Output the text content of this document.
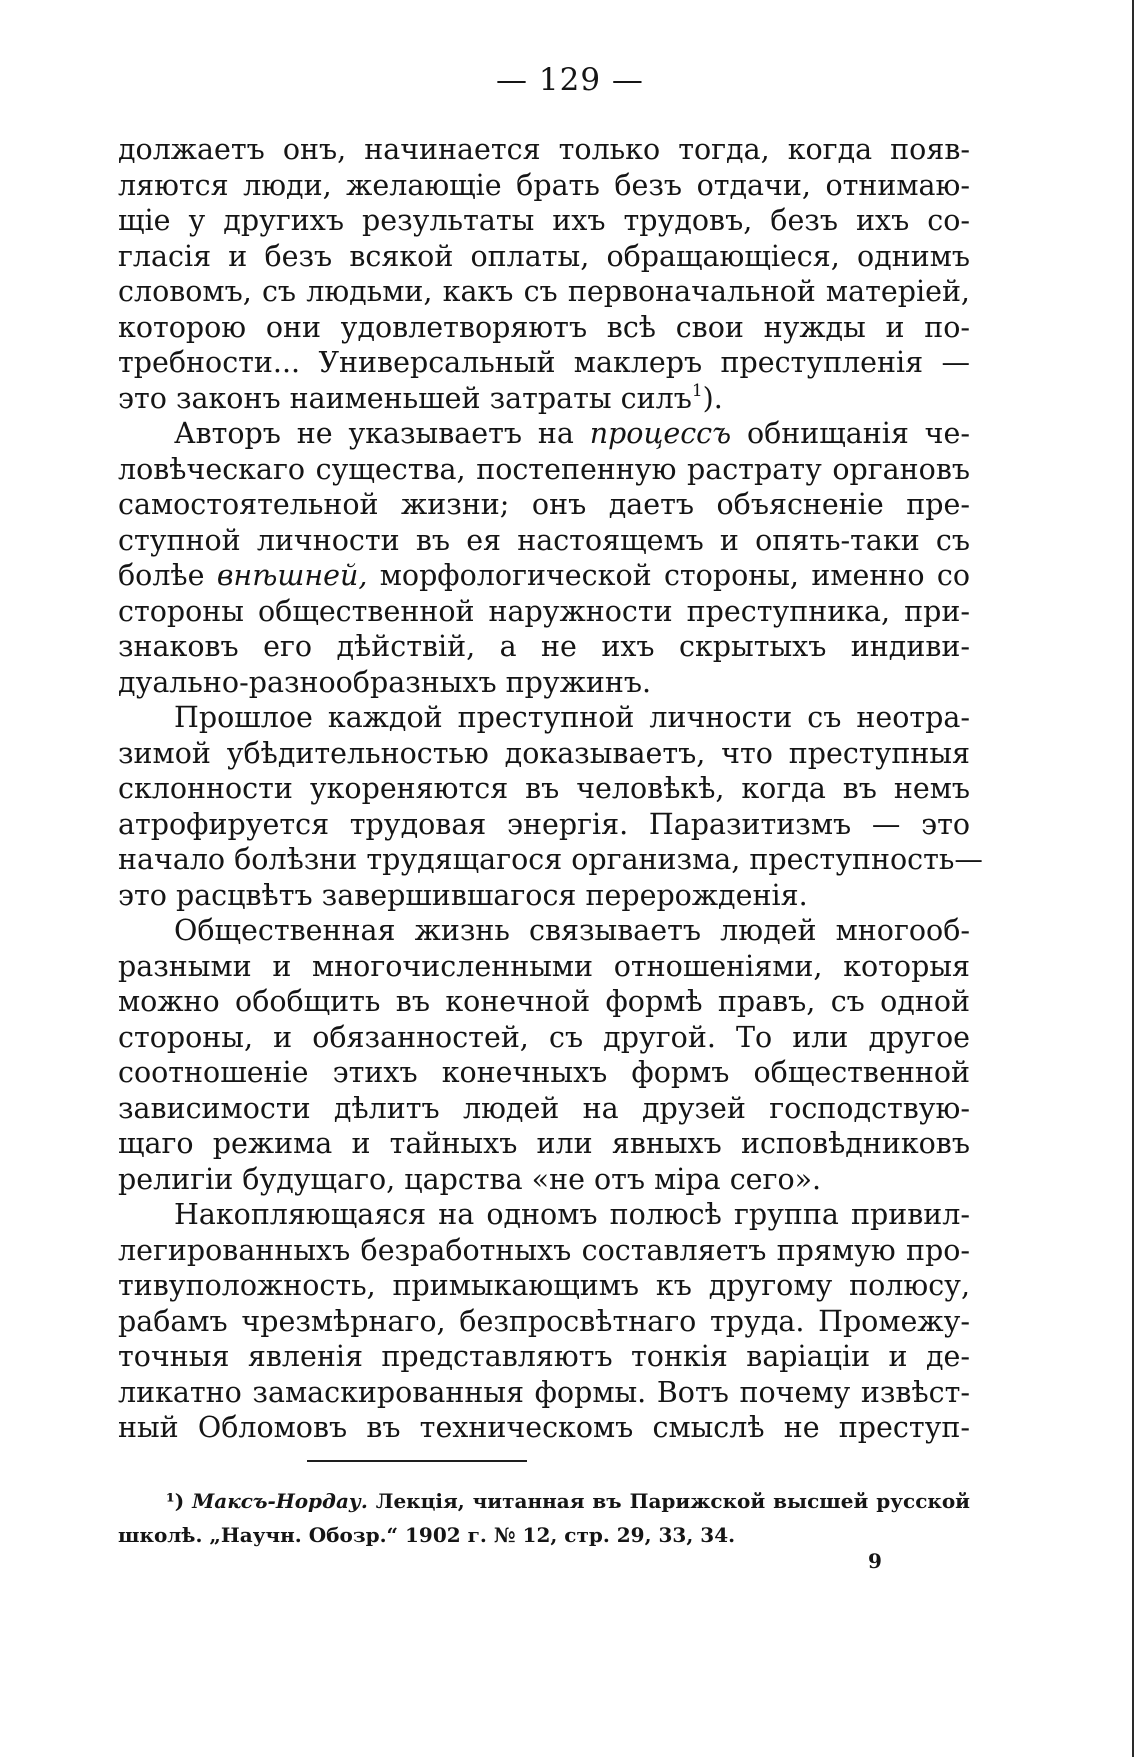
— 129 —
должаетъ онъ, начинается только тогда, когда появ-
ляются люди, желающіе брать безъ отдачи, отнимаю-
щіе у другихъ результаты ихъ трудовъ, безъ ихъ со-
гласія и безъ всякой оплаты, обращающіеся, однимъ
словомъ, съ людьми, какъ съ первоначальной матеріей,
которою они удовлетворяютъ всѣ свои нужды и по-
требности... Универсальный маклеръ преступленія —
это законъ наименьшей затраты силъ$^1$).
Авторъ не указываетъ на процессъ обнищанія че-
ловѣческаго существа, постепенную растрату органовъ
самостоятельной жизни; онъ даетъ объясненіе пре-
ступной личности въ ея настоящемъ и опять-таки съ
болѣе внѣшней, морфологической стороны, именно со
стороны общественной наружности преступника, при-
знаковъ его дѣйствій, а не ихъ скрытыхъ индиви-
дуально-разнообразныхъ пружинъ.
Прошлое каждой преступной личности съ неотра-
зимой убѣдительностью доказываетъ, что преступныя
склонности укореняются въ человѣкѣ, когда въ немъ
атрофируется трудовая энергія. Паразитизмъ — это
начало болѣзни трудящагося организма, преступность—
это расцвѣтъ завершившагося перерожденія.
Общественная жизнь связываетъ людей многооб-
разными и многочисленными отношеніями, которыя
можно обобщить въ конечной формѣ правъ, съ одной
стороны, и обязанностей, съ другой. То или другое
соотношеніе этихъ конечныхъ формъ общественной
зависимости дѣлитъ людей на друзей господствую-
щаго режима и тайныхъ или явныхъ исповѣдниковъ
религіи будущаго, царства «не отъ міра сего».
Накопляющаяся на одномъ полюсѣ группа привил-
легированныхъ безработныхъ составляетъ прямую про-
тивуположность, примыкающимъ къ другому полюсу,
рабамъ чрезмѣрнаго, безпросвѣтнаго труда. Промежу-
точныя явленія представляютъ тонкія варіаціи и де-
ликатно замаскированныя формы. Вотъ почему извѣст-
ный Обломовъ въ техническомъ смыслѣ не преступ-
¹) Максъ-Нордау. Лекція, читанная въ Парижской высшей русской
школѣ. „Научн. Обозр.“ 1902 г. № 12, стр. 29, 33, 34.
9
